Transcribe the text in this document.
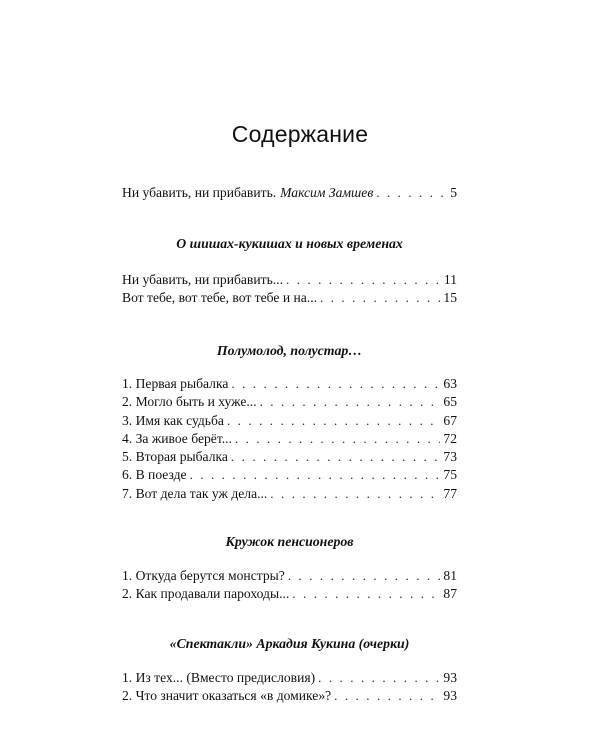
Содержание
Ни убавить, ни прибавить. Максим Замшев . . .	5
О шишах-кукишах и новых временах
Ни убавить, ни прибавить... . . .	11
Вот тебе, вот тебе, вот тебе и на... . . .	15
Полумолод, полустар…
1. Первая рыбалка . . .	63
2. Могло быть и хуже... . . .	65
3. Имя как судьба . . .	67
4. За живое берёт... . . .	72
5. Вторая рыбалка . . .	73
6. В поезде . . .	75
7. Вот дела так уж дела... . . .	77
Кружок пенсионеров
1. Откуда берутся монстры? . . .	81
2. Как продавали пароходы... . . .	87
«Спектакли» Аркадия Кукина (очерки)
1. Из тех... (Вместо предисловия) . . .	93
2. Что значит оказаться «в домике»? . . .	93
